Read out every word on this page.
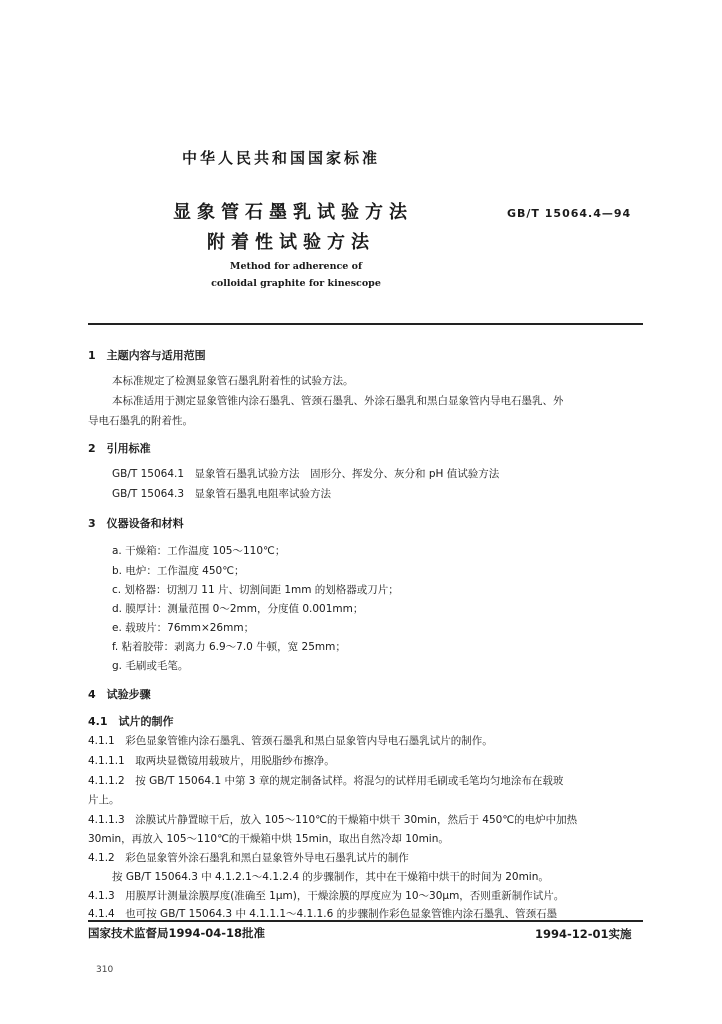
中华人民共和国国家标准
显象管石墨乳试验方法
附着性试验方法
GB/T 15064.4—94
Method for adherence of
colloidal graphite for kinescope
1　主题内容与适用范围
本标准规定了检测显象管石墨乳附着性的试验方法。
本标准适用于测定显象管锥内涂石墨乳、管颈石墨乳、外涂石墨乳和黑白显象管内导电石墨乳、外
导电石墨乳的附着性。
2　引用标准
GB/T 15064.1　显象管石墨乳试验方法　固形分、挥发分、灰分和 pH 值试验方法
GB/T 15064.3　显象管石墨乳电阻率试验方法
3　仪器设备和材料
a. 干燥箱：工作温度 105～110℃；
b. 电炉：工作温度 450℃；
c. 划格器：切割刀 11 片、切割间距 1mm 的划格器或刀片；
d. 膜厚计：测量范围 0～2mm，分度值 0.001mm；
e. 载玻片：76mm×26mm；
f. 粘着胶带：剥离力 6.9～7.0 牛顿，宽 25mm；
g. 毛刷或毛笔。
4　试验步骤
4.1　试片的制作
4.1.1　彩色显象管锥内涂石墨乳、管颈石墨乳和黑白显象管内导电石墨乳试片的制作。
4.1.1.1　取两块显微镜用载玻片，用脱脂纱布擦净。
4.1.1.2　按 GB/T 15064.1 中第 3 章的规定制备试样。将混匀的试样用毛刷或毛笔均匀地涂布在载玻
片上。
4.1.1.3　涂膜试片静置晾干后，放入 105～110℃的干燥箱中烘干 30min，然后于 450℃的电炉中加热
30min，再放入 105～110℃的干燥箱中烘 15min，取出自然冷却 10min。
4.1.2　彩色显象管外涂石墨乳和黑白显象管外导电石墨乳试片的制作
按 GB/T 15064.3 中 4.1.2.1～4.1.2.4 的步骤制作，其中在干燥箱中烘干的时间为 20min。
4.1.3　用膜厚计测量涂膜厚度(准确至 1μm)，干燥涂膜的厚度应为 10～30μm，否则重新制作试片。
4.1.4　也可按 GB/T 15064.3 中 4.1.1.1～4.1.1.6 的步骤制作彩色显象管锥内涂石墨乳、管颈石墨
国家技术监督局1994-04-18批准	1994-12-01实施
310
